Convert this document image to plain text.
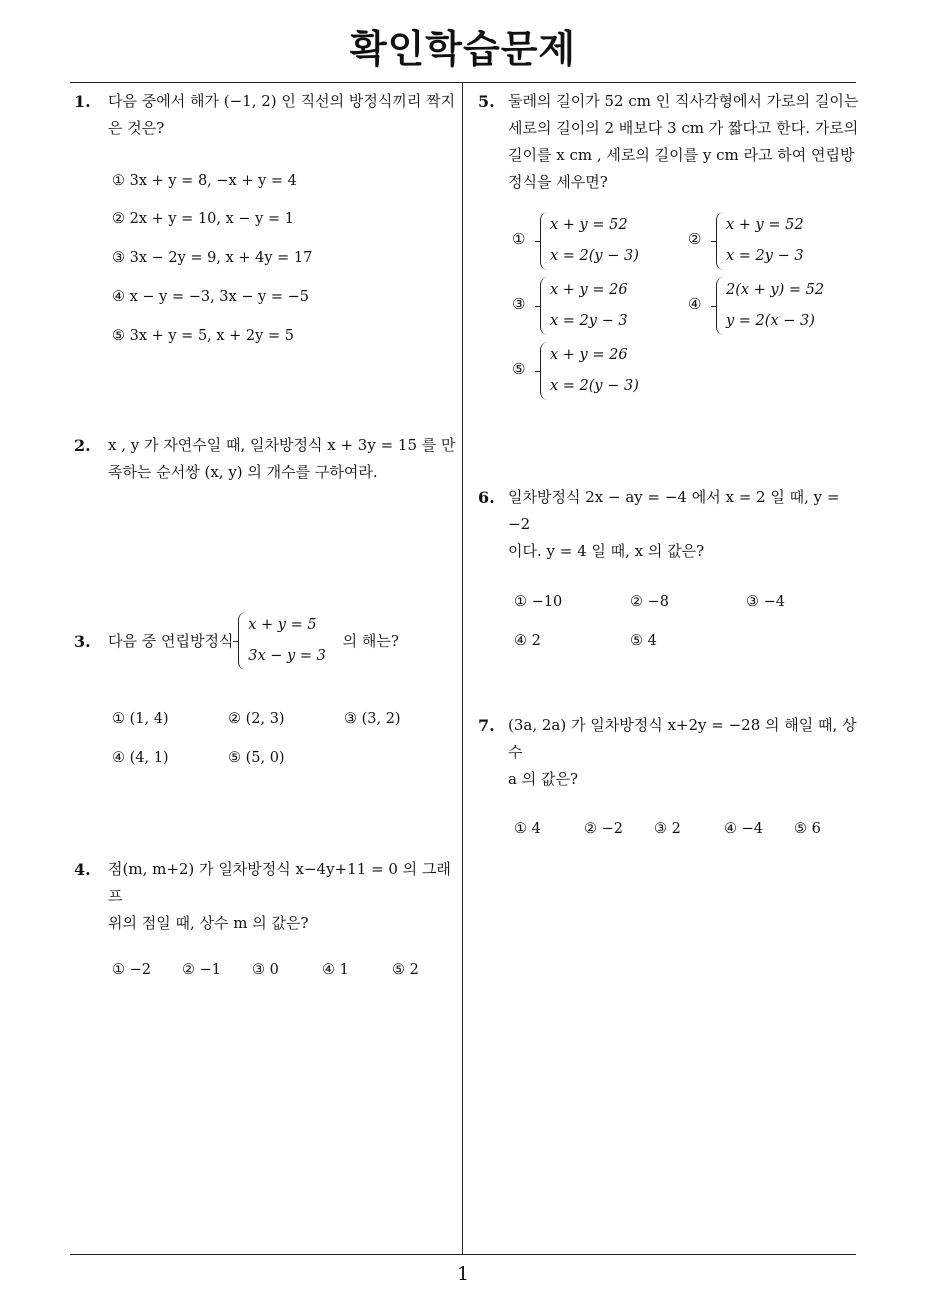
확인학습문제
1
1. 다음 중에서 해가 (−1, 2) 인 직선의 방정식끼리 짝지
은 것은?
① 3x + y = 8, −x + y = 4
② 2x + y = 10, x − y = 1
③ 3x − 2y = 9, x + 4y = 17
④ x − y = −3, 3x − y = −5
⑤ 3x + y = 5, x + 2y = 5
2. x , y 가 자연수일 때, 일차방정식 x + 3y = 15 를 만
족하는 순서쌍 (x, y) 의 개수를 구하여라.
3. 다음 중 연립방정식
x + y = 5
3x − y = 3
의 해는?
① (1, 4)	② (2, 3)	③ (3, 2)
④ (4, 1)	⑤ (5, 0)
4. 점(m, m+2) 가 일차방정식 x−4y+11 = 0 의 그래프
위의 점일 때, 상수 m 의 값은?
① −2 ② −1 ③ 0	④ 1	⑤ 2
5. 둘레의 길이가 52 cm 인 직사각형에서 가로의 길이는
세로의 길이의 2 배보다 3 cm 가 짧다고 한다. 가로의
길이를 x cm , 세로의 길이를 y cm 라고 하여 연립방
정식을 세우면?
①
x + y = 52
x = 2(y − 3)
②
x + y = 52
x = 2y − 3
③
x + y = 26
x = 2y − 3
④
2(x + y) = 52
y = 2(x − 3)
⑤
x + y = 26
x = 2(y − 3)
6. 일차방정식 2x − ay = −4 에서 x = 2 일 때, y = −2
이다. y = 4 일 때, x 의 값은?
① −10	② −8	③ −4
④ 2	⑤ 4
7. (3a, 2a) 가 일차방정식 x+2y = −28 의 해일 때, 상수
a 의 값은?
① 4	② −2 ③ 2	④ −4 ⑤ 6
